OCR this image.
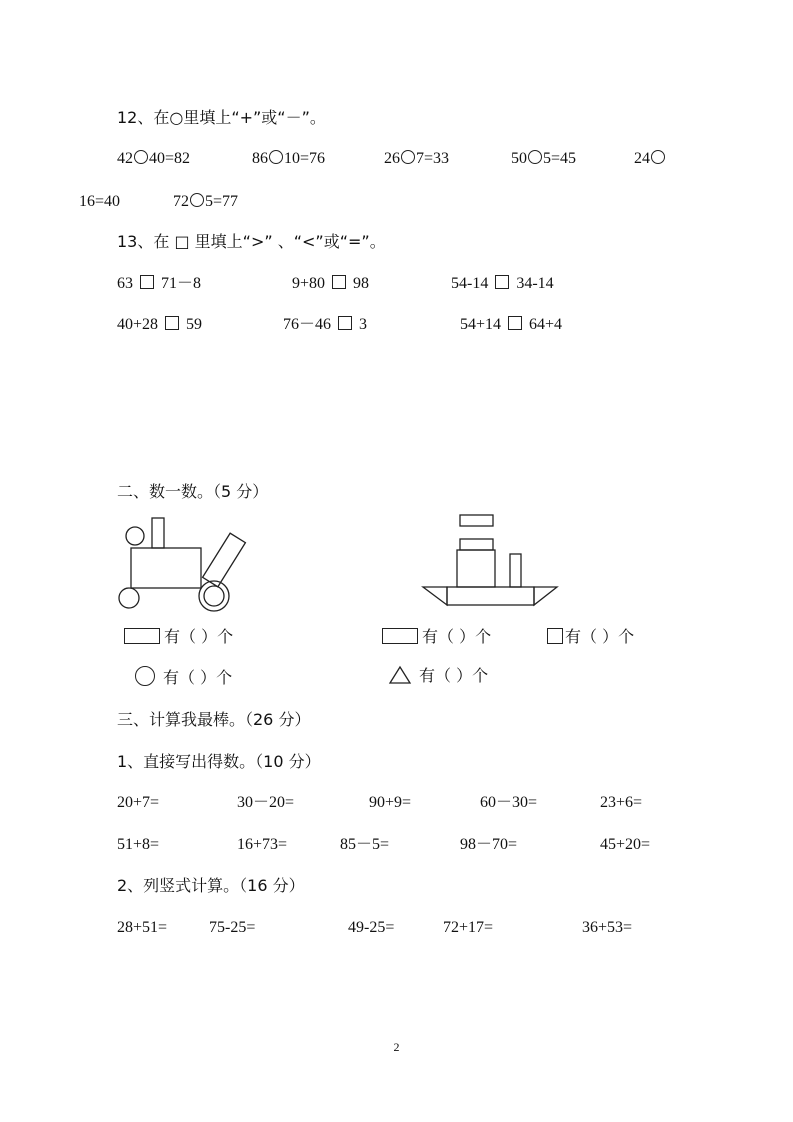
12、在○里填上“+”或“－”。
42 40=82	86 10=76	26 7=33	50 5=45	24
16=40	72 5=77
13、在 □ 里填上“>” 、“<”或“=”。
63 71－8	9+80 98	54-14 34-14
40+28 59	76－46 3	54+14 64+4
二、数一数。（5 分）
有（ ）个	有（ ）个	有（ ）个
有（ ）个	有（ ）个
三、计算我最棒。（26 分）
1、直接写出得数。（10 分）
20+7=	30－20=	90+9=	60－30=	23+6=
51+8=	16+73=	85－5=	98－70=	45+20=
2、列竖式计算。（16 分）
28+51=	75-25=	49-25=	72+17=	36+53=
2
